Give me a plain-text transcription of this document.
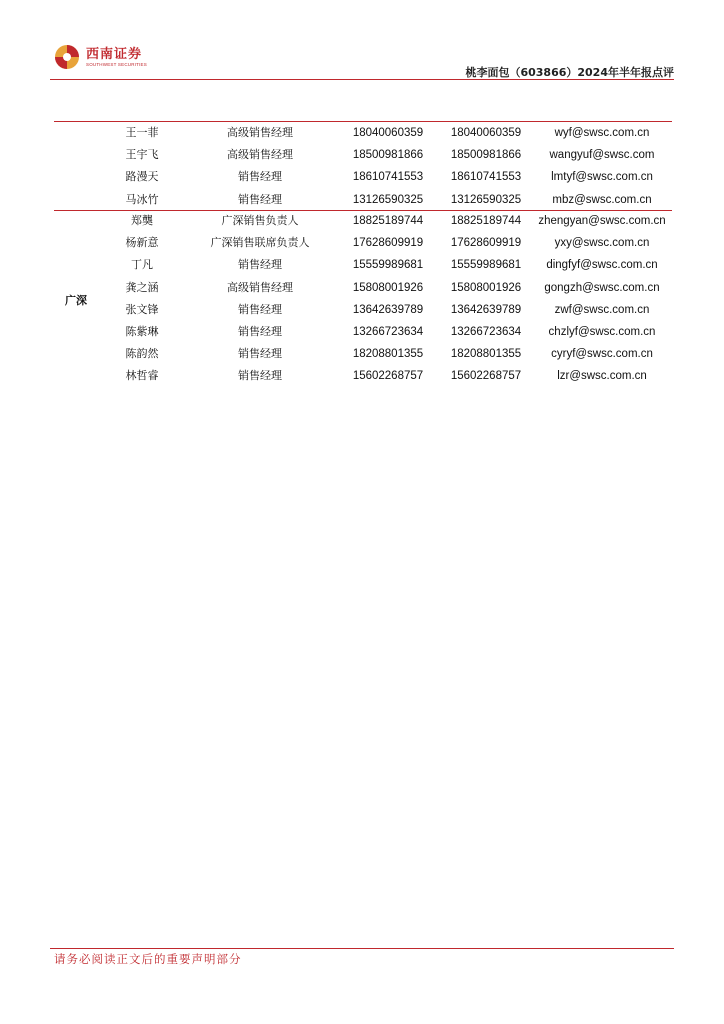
西南证券
SOUTHWEST SECURITIES
桃李面包（603866）2024年半年报点评
王一菲	高级销售经理	18040060359	18040060359	wyf@swsc.com.cn
王宇飞	高级销售经理	18500981866	18500981866	wangyuf@swsc.com
路漫天	销售经理	18610741553	18610741553	lmtyf@swsc.com.cn
马冰竹	销售经理	13126590325	13126590325	mbz@swsc.com.cn
广深
郑龑	广深销售负责人	18825189744	18825189744	zhengyan@swsc.com.cn
杨新意	广深销售联席负责人	17628609919	17628609919	yxy@swsc.com.cn
丁凡	销售经理	15559989681	15559989681	dingfyf@swsc.com.cn
龚之涵	高级销售经理	15808001926	15808001926	gongzh@swsc.com.cn
张文锋	销售经理	13642639789	13642639789	zwf@swsc.com.cn
陈紫琳	销售经理	13266723634	13266723634	chzlyf@swsc.com.cn
陈韵然	销售经理	18208801355	18208801355	cyryf@swsc.com.cn
林哲睿	销售经理	15602268757	15602268757	lzr@swsc.com.cn
请务必阅读正文后的重要声明部分
